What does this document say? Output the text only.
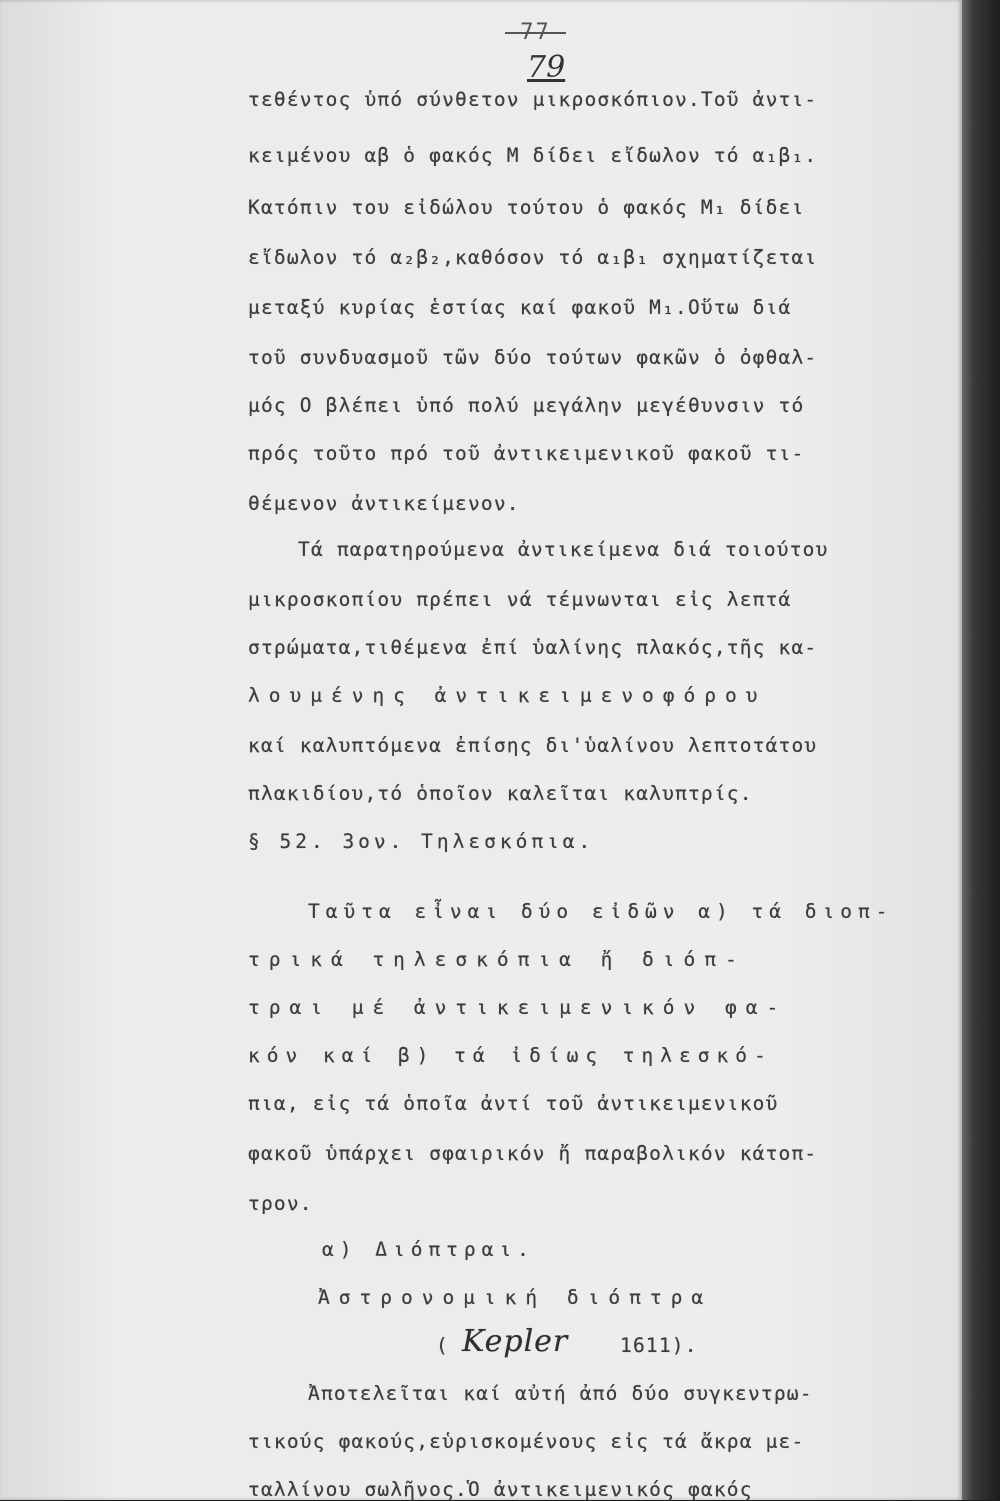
-77-
79
τεθέντος ὑπό σύνθετον μικροσκόπιον.Τοῦ ἀντι-
κειμένου αβ ὁ φακός Μ δίδει εἴδωλον τό α₁β₁.
Κατόπιν του εἰδώλου τούτου ὁ φακός Μ₁ δίδει
εἴδωλον τό α₂β₂,καθόσον τό α₁β₁ σχηματίζεται
μεταξύ κυρίας ἑστίας καί φακοῦ Μ₁.Οὕτω διά
τοῦ συνδυασμοῦ τῶν δύο τούτων φακῶν ὁ ὀφθαλ-
μός Ο βλέπει ὑπό πολύ μεγάλην μεγέθυνσιν τό
πρός τοῦτο πρό τοῦ ἀντικειμενικοῦ φακοῦ τι-
θέμενον ἀντικείμενον.
Τά παρατηρούμενα ἀντικείμενα διά τοιούτου
μικροσκοπίου πρέπει νά τέμνωνται εἰς λεπτά
στρώματα,τιθέμενα ἐπί ὑαλίνης πλακός,τῆς κα-
λουμένης ἀντικειμενοφόρου
καί καλυπτόμενα ἐπίσης δι'ὑαλίνου λεπτοτάτου
πλακιδίου,τό ὁποῖον καλεῖται καλυπτρίς.
§ 52. Зον. Τηλεσκόπια.
Ταῦτα εἶναι δύο εἰδῶν α) τά διοπ-
τρικά τηλεσκόπια ἤ διόπ-
τραι μέ ἀντικειμενικόν φα-
κόν καί β) τά ἰδίως τηλεσκό-
πια, εἰς τά ὁποῖα ἀντί τοῦ ἀντικειμενικοῦ
φακοῦ ὑπάρχει σφαιρικόν ἤ παραβολικόν κάτοπ-
τρον.
α) Διόπτραι.
Ἀστρονομική διόπτρα
( Kepler	1611).
Ἀποτελεῖται καί αὐτή ἀπό δύο συγκεντρω-
τικούς φακούς,εὑρισκομένους εἰς τά ἄκρα με-
ταλλίνου σωλῆνος.Ὁ ἀντικειμενικός φακός
